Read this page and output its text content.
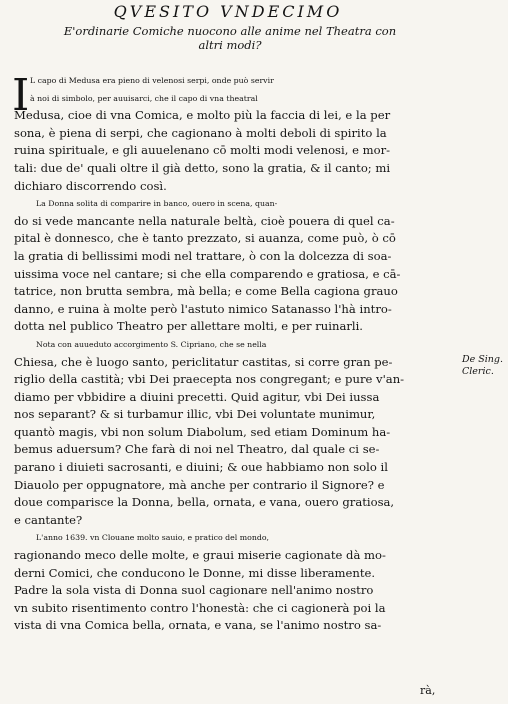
QVESITO VNDECIMO
E'ordinarie Comiche nuocono alle anime nel Theatra con
altri modi?
I L capo di Medusa era pieno di velenosi serpi, onde può servir
à noi di simbolo, per auuisarci, che il capo di vna theatral
Medusa, cioe di vna Comica, e molto più la faccia di lei, e la per
sona, è piena di serpi, che cagionano à molti deboli di spirito la
ruina spirituale, e gli auuelenano cō molti modi velenosi, e mor-
tali: due de' quali oltre il già detto, sono la gratia, & il canto; mi
dichiaro discorrendo così.
La Donna solita di comparire in banco, ouero in scena, quan-
do si vede mancante nella naturale beltà, cioè pouera di quel ca-
pital è donnesco, che è tanto prezzato, si auanza, come può, ò cō
la gratia di bellissimi modi nel trattare, ò con la dolcezza di soa-
uissima voce nel cantare; si che ella comparendo e gratiosa, e cā-
tatrice, non brutta sembra, mà bella; e come Bella cagiona grauo
danno, e ruina à molte però l'astuto nimico Satanasso l'hà intro-
dotta nel publico Theatro per allettare molti, e per ruinarli.
Nota con auueduto accorgimento S. Cipriano, che se nella
Chiesa, che è luogo santo, periclitatur castitas, si corre gran pe-
riglio della castità; vbi Dei praecepta nos congregant; e pure v'an-
diamo per vbbidire a diuini precetti. Quid agitur, vbi Dei iussa
nos separant? & si turbamur illic, vbi Dei voluntate munimur,
quantò magis, vbi non solum Diabolum, sed etiam Dominum ha-
bemus aduersum? Che farà di noi nel Theatro, dal quale ci se-
parano i diuieti sacrosanti, e diuini; & oue habbiamo non solo il
Diauolo per oppugnatore, mà anche per contrario il Signore? e
doue comparisce la Donna, bella, ornata, e vana, ouero gratiosa,
e cantante?
L'anno 1639. vn Clouane molto sauio, e pratico del mondo,
ragionando meco delle molte, e graui miserie cagionate dà mo-
derni Comici, che conducono le Donne, mi disse liberamente.
Padre la sola vista di Donna suol cagionare nell'animo nostro
vn subito risentimento contro l'honestà: che ci cagionerà poi la
vista di vna Comica bella, ornata, e vana, se l'animo nostro sa-
De Sing.
Cleric.
rà,
